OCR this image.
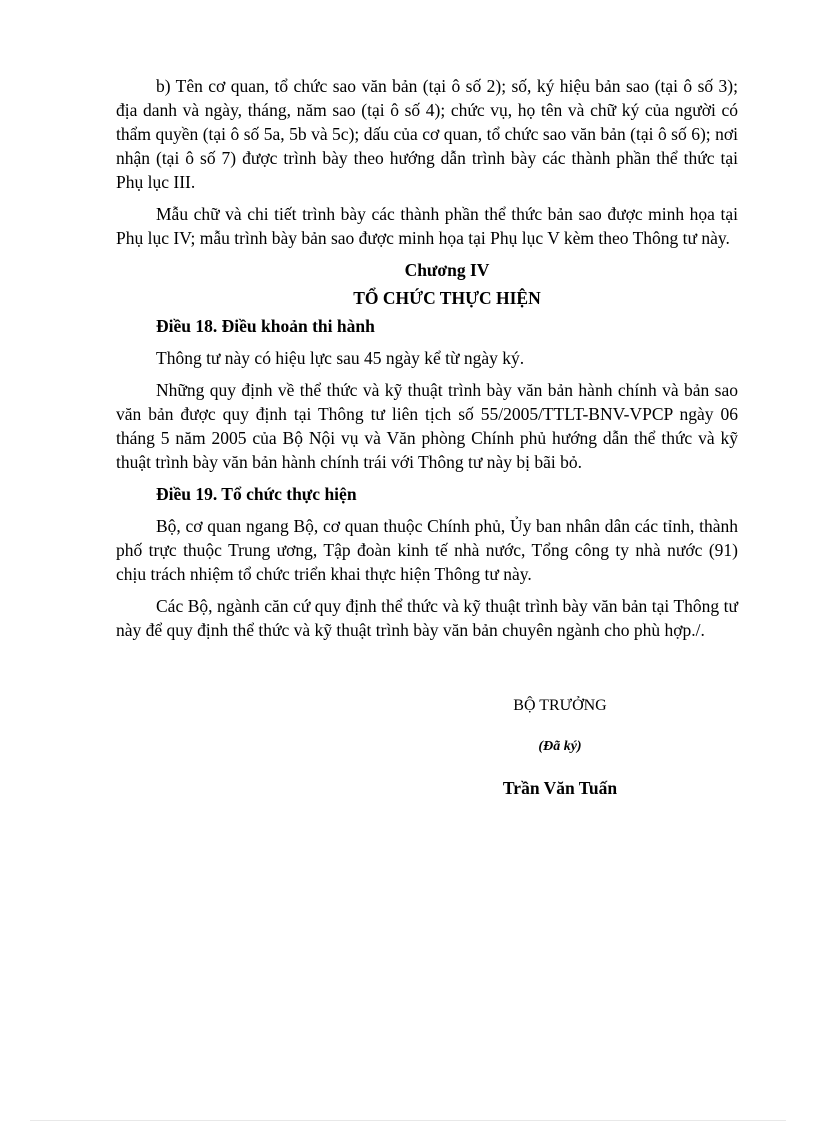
b) Tên cơ quan, tổ chức sao văn bản (tại ô số 2); số, ký hiệu bản sao (tại ô số 3); địa danh và ngày, tháng, năm sao (tại ô số 4); chức vụ, họ tên và chữ ký của người có thẩm quyền (tại ô số 5a, 5b và 5c); dấu của cơ quan, tổ chức sao văn bản (tại ô số 6); nơi nhận (tại ô số 7) được trình bày theo hướng dẫn trình bày các thành phần thể thức tại Phụ lục III.

Mẫu chữ và chi tiết trình bày các thành phần thể thức bản sao được minh họa tại Phụ lục IV; mẫu trình bày bản sao được minh họa tại Phụ lục V kèm theo Thông tư này.

Chương IV
TỔ CHỨC THỰC HIỆN
Điều 18. Điều khoản thi hành

Thông tư này có hiệu lực sau 45 ngày kể từ ngày ký.

Những quy định về thể thức và kỹ thuật trình bày văn bản hành chính và bản sao văn bản được quy định tại Thông tư liên tịch số 55/2005/TTLT-BNV-VPCP ngày 06 tháng 5 năm 2005 của Bộ Nội vụ và Văn phòng Chính phủ hướng dẫn thể thức và kỹ thuật trình bày văn bản hành chính trái với Thông tư này bị bãi bỏ.

Điều 19. Tổ chức thực hiện

Bộ, cơ quan ngang Bộ, cơ quan thuộc Chính phủ, Ủy ban nhân dân các tỉnh, thành phố trực thuộc Trung ương, Tập đoàn kinh tế nhà nước, Tổng công ty nhà nước (91) chịu trách nhiệm tổ chức triển khai thực hiện Thông tư này.

Các Bộ, ngành căn cứ quy định thể thức và kỹ thuật trình bày văn bản tại Thông tư này để quy định thể thức và kỹ thuật trình bày văn bản chuyên ngành cho phù hợp./.

BỘ TRƯỞNG
(Đã ký)
Trần Văn Tuấn
